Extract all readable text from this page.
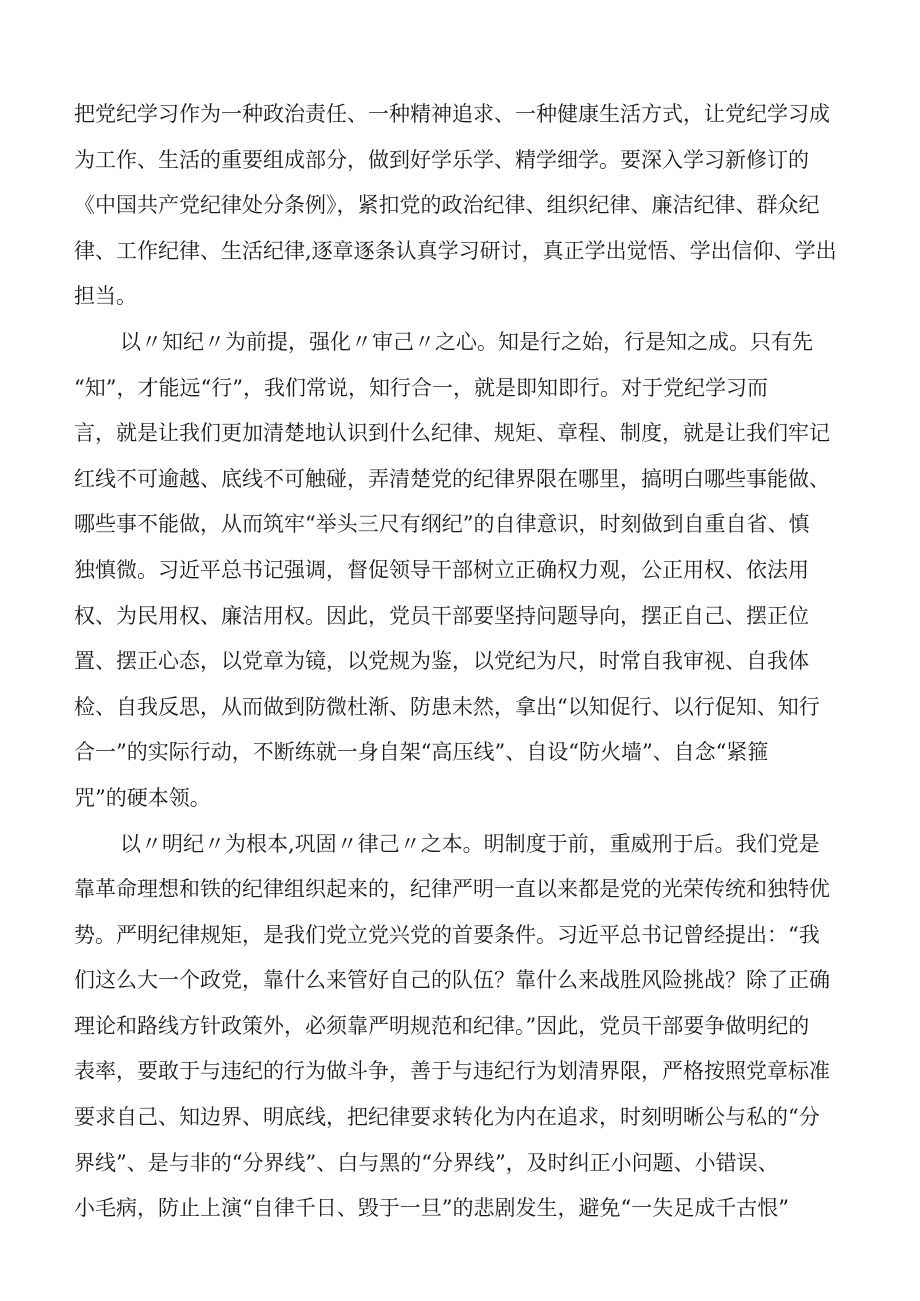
把党纪学习作为一种政治责任、一种精神追求、一种健康生活方式，让党纪学习成
为工作、生活的重要组成部分，做到好学乐学、精学细学。要深入学习新修订的
《中国共产党纪律处分条例》，紧扣党的政治纪律、组织纪律、廉洁纪律、群众纪
律、工作纪律、生活纪律,逐章逐条认真学习研讨，真正学出觉悟、学出信仰、学出
担当。
以〃知纪〃为前提，强化〃审己〃之心。知是行之始，行是知之成。只有先
“知”，才能远“行”，我们常说，知行合一，就是即知即行。对于党纪学习而
言，就是让我们更加清楚地认识到什么纪律、规矩、章程、制度，就是让我们牢记
红线不可逾越、底线不可触碰，弄清楚党的纪律界限在哪里，搞明白哪些事能做、
哪些事不能做，从而筑牢“举头三尺有纲纪”的自律意识，时刻做到自重自省、慎
独慎微。习近平总书记强调，督促领导干部树立正确权力观，公正用权、依法用
权、为民用权、廉洁用权。因此，党员干部要坚持问题导向，摆正自己、摆正位
置、摆正心态，以党章为镜，以党规为鉴，以党纪为尺，时常自我审视、自我体
检、自我反思，从而做到防微杜渐、防患未然，拿出“以知促行、以行促知、知行
合一”的实际行动，不断练就一身自架“高压线”、自设“防火墙”、自念“紧箍
咒”的硬本领。
以〃明纪〃为根本,巩固〃律己〃之本。明制度于前，重威刑于后。我们党是
靠革命理想和铁的纪律组织起来的，纪律严明一直以来都是党的光荣传统和独特优
势。严明纪律规矩，是我们党立党兴党的首要条件。习近平总书记曾经提出：“我
们这么大一个政党，靠什么来管好自己的队伍？靠什么来战胜风险挑战？除了正确
理论和路线方针政策外，必须靠严明规范和纪律。”因此，党员干部要争做明纪的
表率，要敢于与违纪的行为做斗争，善于与违纪行为划清界限，严格按照党章标准
要求自己、知边界、明底线，把纪律要求转化为内在追求，时刻明晰公与私的“分
界线”、是与非的“分界线”、白与黑的“分界线”，及时纠正小问题、小错误、
小毛病，防止上演“自律千日、毁于一旦”的悲剧发生，避免“一失足成千古恨”
